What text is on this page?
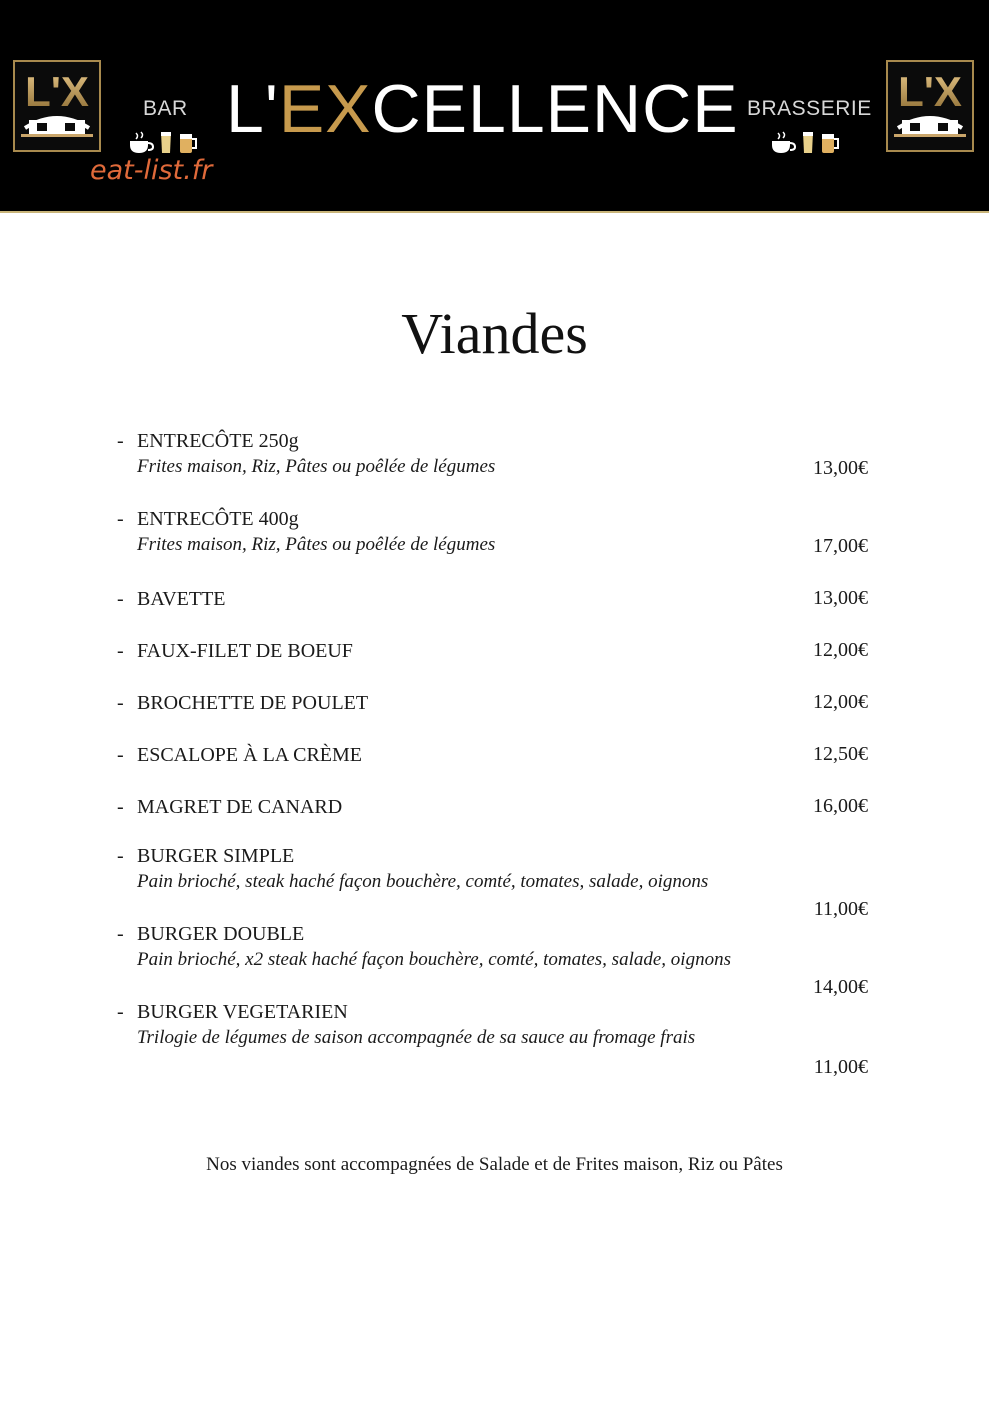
L'X	BAR L'EXCELLENCE BRASSERIE L'X
eat-list.fr
Viandes
- ENTRECÔTE 250g
Frites maison, Riz, Pâtes ou poêlée de légumes	13,00€
- ENTRECÔTE 400g
Frites maison, Riz, Pâtes ou poêlée de légumes	17,00€
- BAVETTE	13,00€
- FAUX-FILET DE BOEUF	12,00€
- BROCHETTE DE POULET	12,00€
- ESCALOPE À LA CRÈME	12,50€
- MAGRET DE CANARD	16,00€
- BURGER SIMPLE
Pain brioché, steak haché façon bouchère, comté, tomates, salade, oignons
11,00€
- BURGER DOUBLE
Pain brioché, x2 steak haché façon bouchère, comté, tomates, salade, oignons
14,00€
- BURGER VEGETARIEN
Trilogie de légumes de saison accompagnée de sa sauce au fromage frais
11,00€
Nos viandes sont accompagnées de Salade et de Frites maison, Riz ou Pâtes
